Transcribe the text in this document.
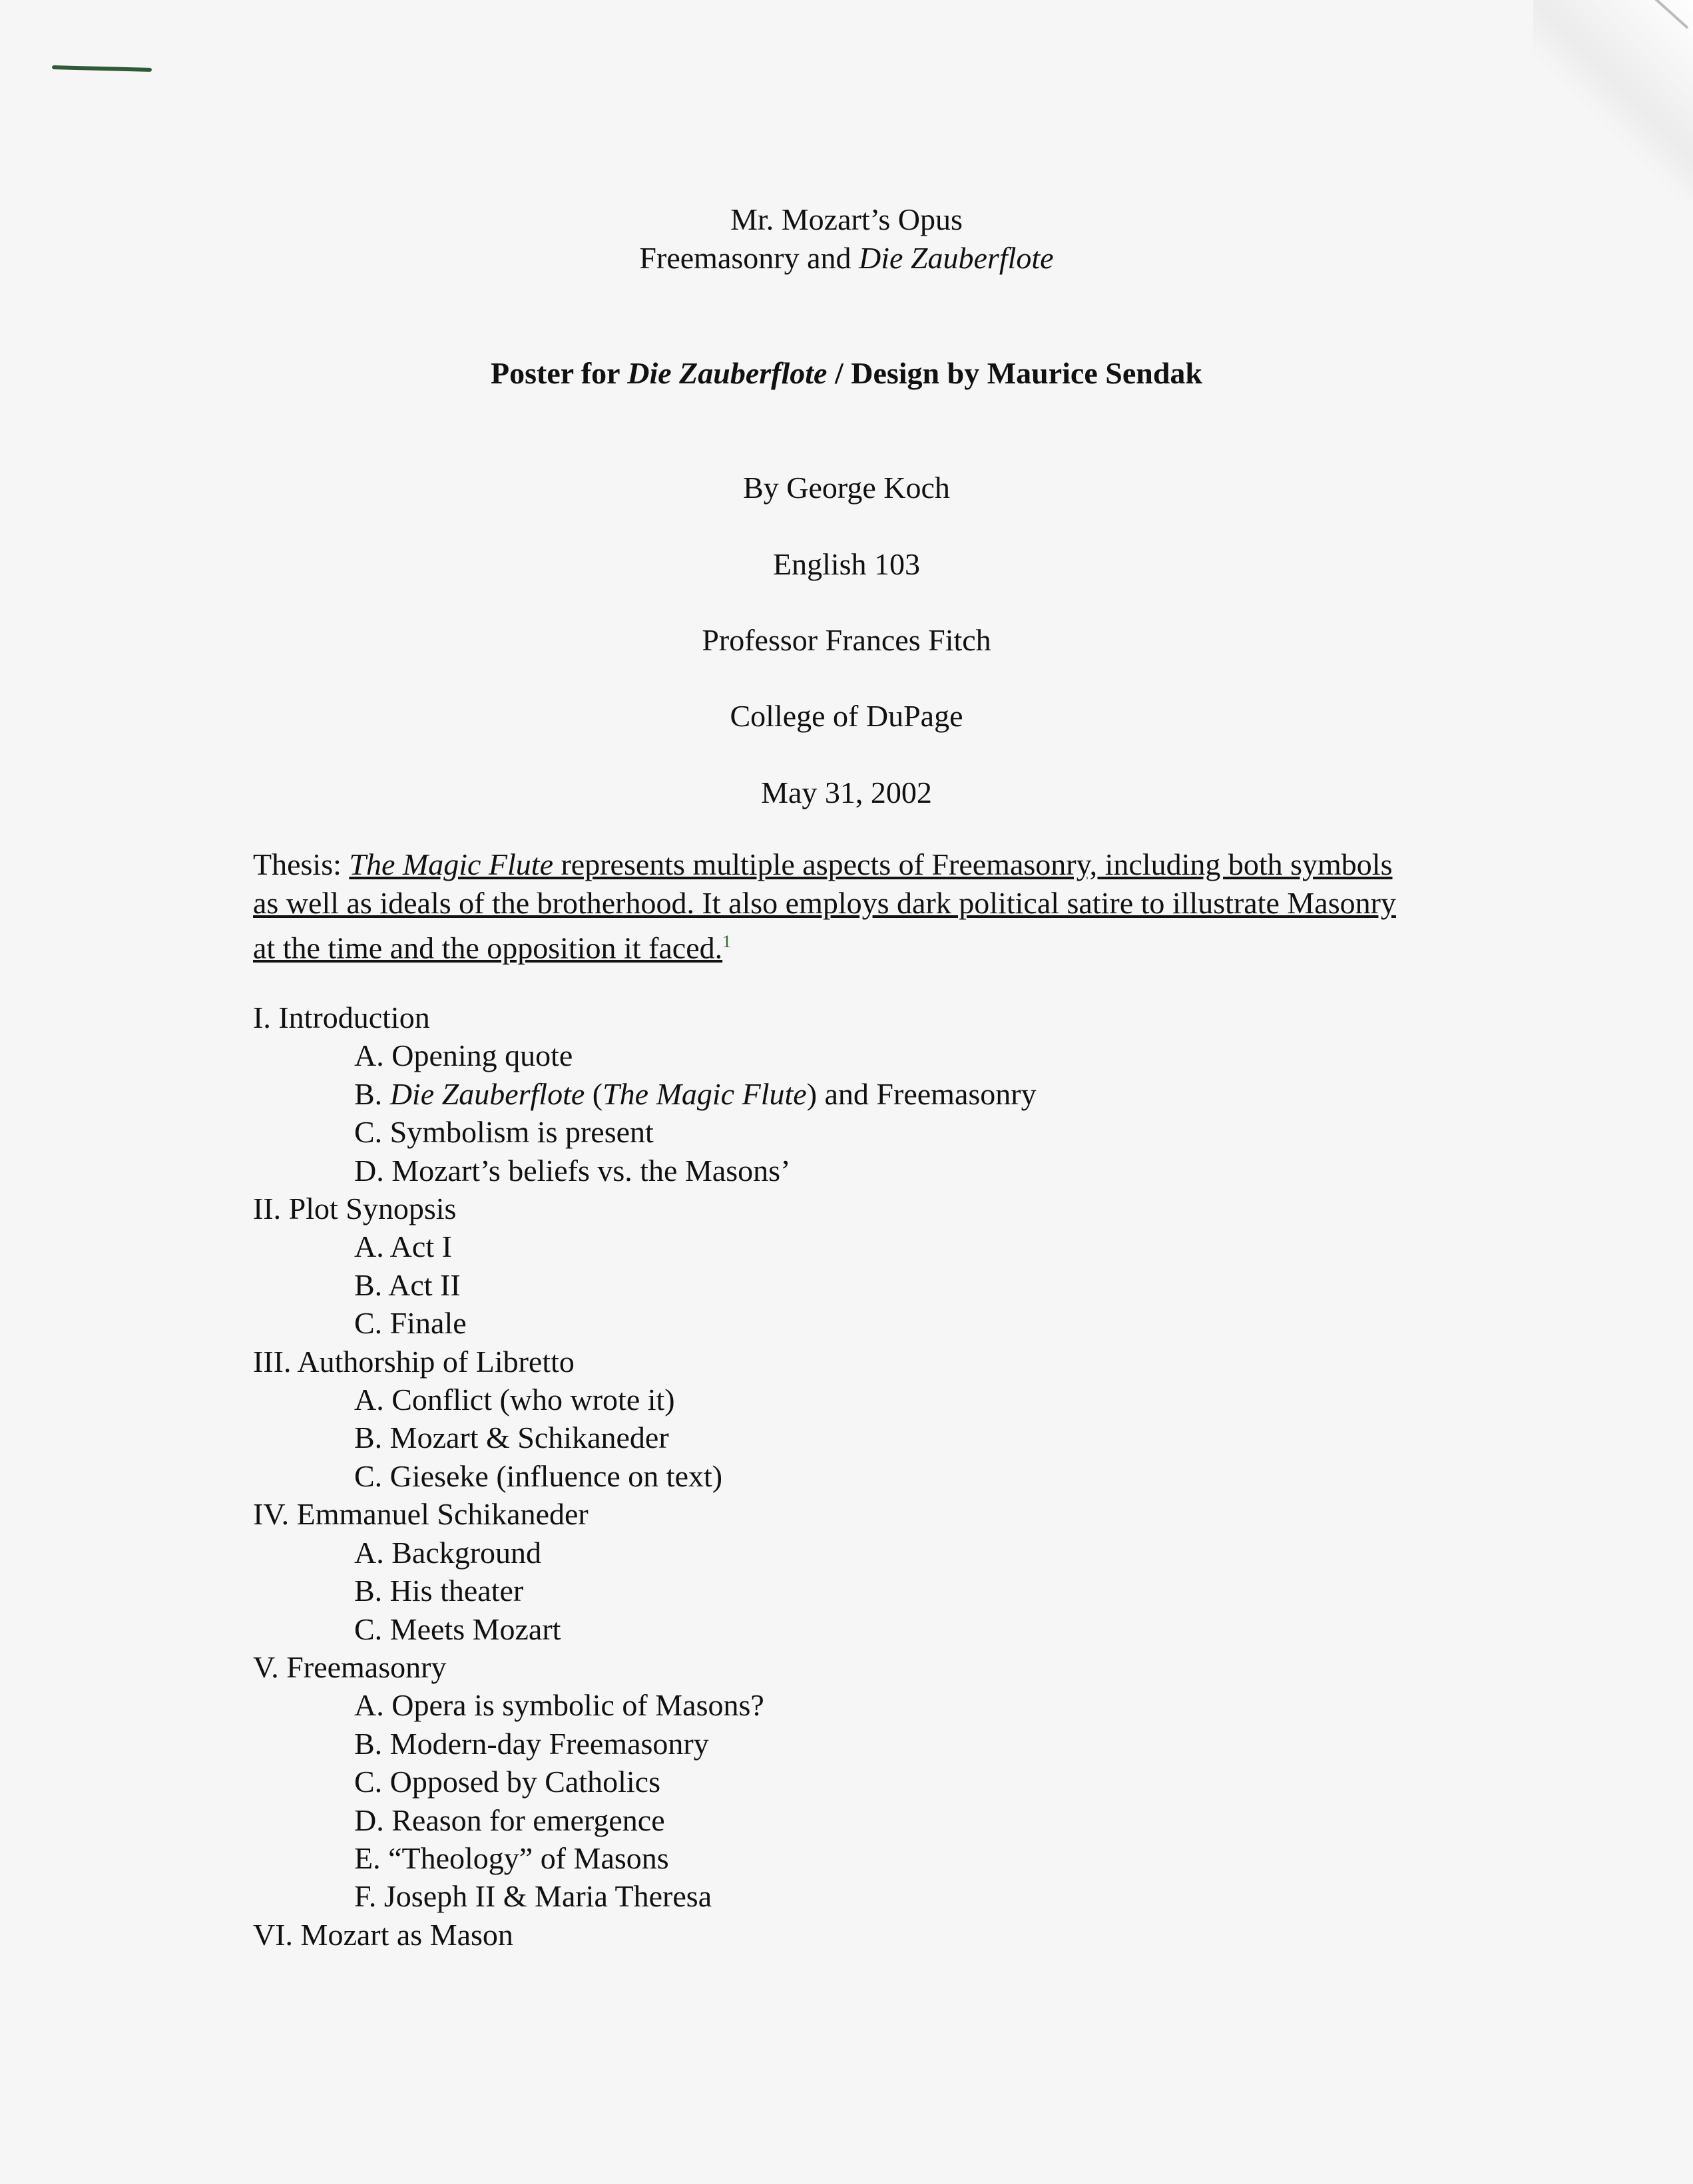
Mr. Mozart’s Opus

Freemasonry and Die Zauberflote

Poster for Die Zauberflote / Design by Maurice Sendak

By George Koch

English 103

Professor Frances Fitch

College of DuPage

May 31, 2002

Thesis: The Magic Flute represents multiple aspects of Freemasonry, including both symbols as well as ideals of the brotherhood. It also employs dark political satire to illustrate Masonry at the time and the opposition it faced.$^1$

I. Introduction
A. Opening quote
B. Die Zauberflote (The Magic Flute) and Freemasonry
C. Symbolism is present
D. Mozart’s beliefs vs. the Masons’
II. Plot Synopsis
A. Act I
B. Act II
C. Finale
III. Authorship of Libretto
A. Conflict (who wrote it)
B. Mozart & Schikaneder
C. Gieseke (influence on text)
IV. Emmanuel Schikaneder
A. Background
B. His theater
C. Meets Mozart
V. Freemasonry
A. Opera is symbolic of Masons?
B. Modern-day Freemasonry
C. Opposed by Catholics
D. Reason for emergence
E. “Theology” of Masons
F. Joseph II & Maria Theresa
VI. Mozart as Mason
